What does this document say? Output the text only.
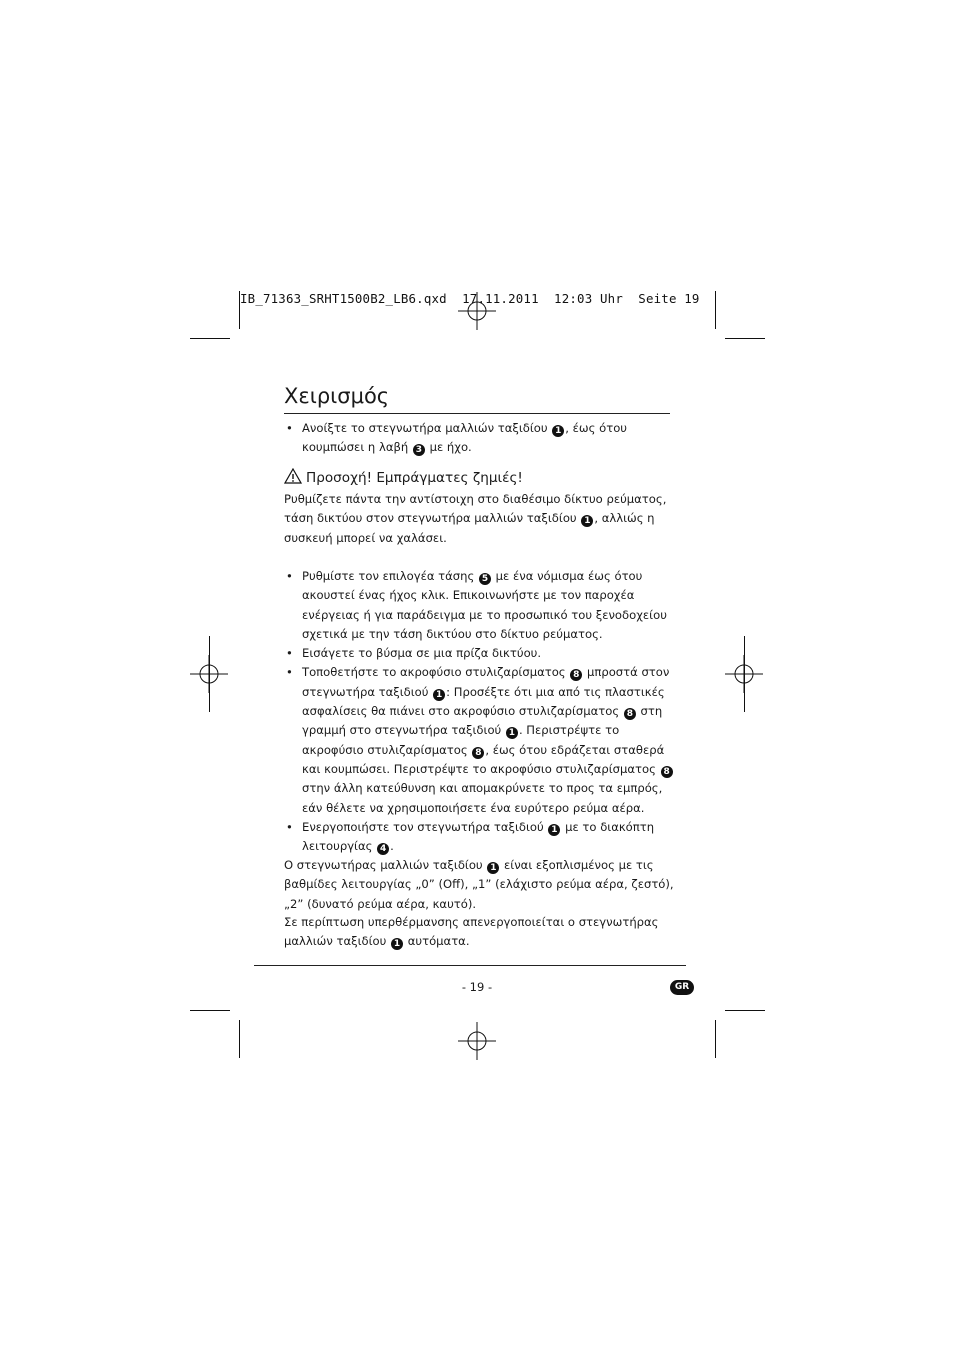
IB_71363_SRHT1500B2_LB6.qxd  17.11.2011  12:03 Uhr  Seite 19
Χειρισμός
• Ανοίξτε το στεγνωτήρα μαλλιών ταξιδίου 1 , έως ότου κουμπώσει η λαβή 3 με ήχο.
Προσοχή! Εμπράγματες ζημιές!
Ρυθμίζετε πάντα την αντίστοιχη στο διαθέσιμο δίκτυο ρεύματος, τάση δικτύου στον στεγνωτήρα μαλλιών ταξιδίου 1 , αλλιώς η συσκευή μπορεί να χαλάσει.
• Ρυθμίστε τον επιλογέα τάσης 5 με ένα νόμισμα έως ότου ακουστεί ένας ήχος κλικ. Επικοινωνήστε με τον παροχέα ενέργειας ή για παράδειγμα με το προσωπικό του ξενοδοχείου σχετικά με την τάση δικτύου στο δίκτυο ρεύματος.
• Εισάγετε το βύσμα σε μια πρίζα δικτύου.
• Τοποθετήστε το ακροφύσιο στυλιζαρίσματος 8 μπροστά στον στεγνωτήρα ταξιδιού 1 : Προσέξτε ότι μια από τις πλαστικές ασφαλίσεις θα πιάνει στο ακροφύσιο στυλιζαρίσματος 8 στη γραμμή στο στεγνωτήρα ταξιδιού 1 . Περιστρέψτε το ακροφύσιο στυλιζαρίσματος 8 , έως ότου εδράζεται σταθερά και κουμπώσει. Περιστρέψτε το ακροφύσιο στυλιζαρίσματος 8 στην άλλη κατεύθυνση και απομακρύνετε το προς τα εμπρός, εάν θέλετε να χρησιμοποιήσετε ένα ευρύτερο ρεύμα αέρα.
• Ενεργοποιήστε τον στεγνωτήρα ταξιδιού 1 με το διακόπτη λειτουργίας 4 .
Ο στεγνωτήρας μαλλιών ταξιδίου 1 είναι εξοπλισμένος με τις βαθμίδες λειτουργίας „0” (Off), „1” (ελάχιστο ρεύμα αέρα, ζεστό), „2” (δυνατό ρεύμα αέρα, καυτό).
Σε περίπτωση υπερθέρμανσης απενεργοποιείται ο στεγνωτήρας μαλλιών ταξιδίου 1 αυτόματα.
- 19 -	GR
